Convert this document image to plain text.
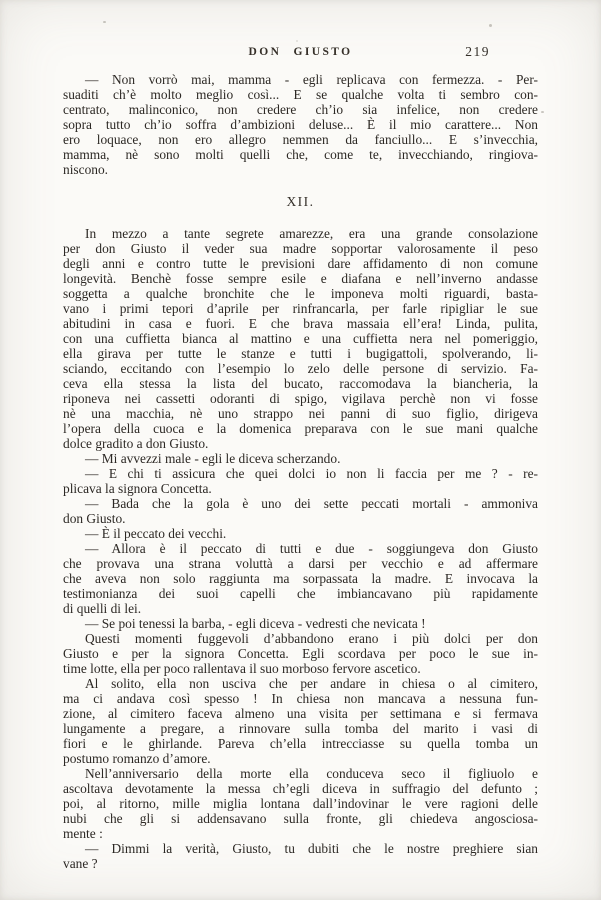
DON GIUSTO	219
— Non vorrò mai, mamma - egli replicava con fermezza. - Per-
suaditi ch’è molto meglio così... E se qualche volta ti sembro con-
centrato, malinconico, non credere ch’io sia infelice, non credere
sopra tutto ch’io soffra d’ambizioni deluse... È il mio carattere... Non
ero loquace, non ero allegro nemmen da fanciullo... E s’invecchia,
mamma, nè sono molti quelli che, come te, invecchiando, ringiova-
niscono.
XII.
In mezzo a tante segrete amarezze, era una grande consolazione
per don Giusto il veder sua madre sopportar valorosamente il peso
degli anni e contro tutte le previsioni dare affidamento di non comune
longevità. Benchè fosse sempre esile e diafana e nell’inverno andasse
soggetta a qualche bronchite che le imponeva molti riguardi, basta-
vano i primi tepori d’aprile per rinfrancarla, per farle ripigliar le sue
abitudini in casa e fuori. E che brava massaia ell’era! Linda, pulita,
con una cuffietta bianca al mattino e una cuffietta nera nel pomeriggio,
ella girava per tutte le stanze e tutti i bugigattoli, spolverando, li-
sciando, eccitando con l’esempio lo zelo delle persone di servizio. Fa-
ceva ella stessa la lista del bucato, raccomodava la biancheria, la
riponeva nei cassetti odoranti di spigo, vigilava perchè non vi fosse
nè una macchia, nè uno strappo nei panni di suo figlio, dirigeva
l’opera della cuoca e la domenica preparava con le sue mani qualche
dolce gradito a don Giusto.
— Mi avvezzi male - egli le diceva scherzando.
— E chi ti assicura che quei dolci io non li faccia per me ? - re-
plicava la signora Concetta.
— Bada che la gola è uno dei sette peccati mortali - ammoniva
don Giusto.
— È il peccato dei vecchi.
— Allora è il peccato di tutti e due - soggiungeva don Giusto
che provava una strana voluttà a darsi per vecchio e ad affermare
che aveva non solo raggiunta ma sorpassata la madre. E invocava la
testimonianza dei suoi capelli che imbiancavano più rapidamente
di quelli di lei.
— Se poi tenessi la barba, - egli diceva - vedresti che nevicata !
Questi momenti fuggevoli d’abbandono erano i più dolci per don
Giusto e per la signora Concetta. Egli scordava per poco le sue in-
time lotte, ella per poco rallentava il suo morboso fervore ascetico.
Al solito, ella non usciva che per andare in chiesa o al cimitero,
ma ci andava così spesso ! In chiesa non mancava a nessuna fun-
zione, al cimitero faceva almeno una visita per settimana e si fermava
lungamente a pregare, a rinnovare sulla tomba del marito i vasi di
fiori e le ghirlande. Pareva ch’ella intrecciasse su quella tomba un
postumo romanzo d’amore.
Nell’anniversario della morte ella conduceva seco il figliuolo e
ascoltava devotamente la messa ch’egli diceva in suffragio del defunto ;
poi, al ritorno, mille miglia lontana dall’indovinar le vere ragioni delle
nubi che gli si addensavano sulla fronte, gli chiedeva angosciosa-
mente :
— Dimmi la verità, Giusto, tu dubiti che le nostre preghiere sian
vane ?
